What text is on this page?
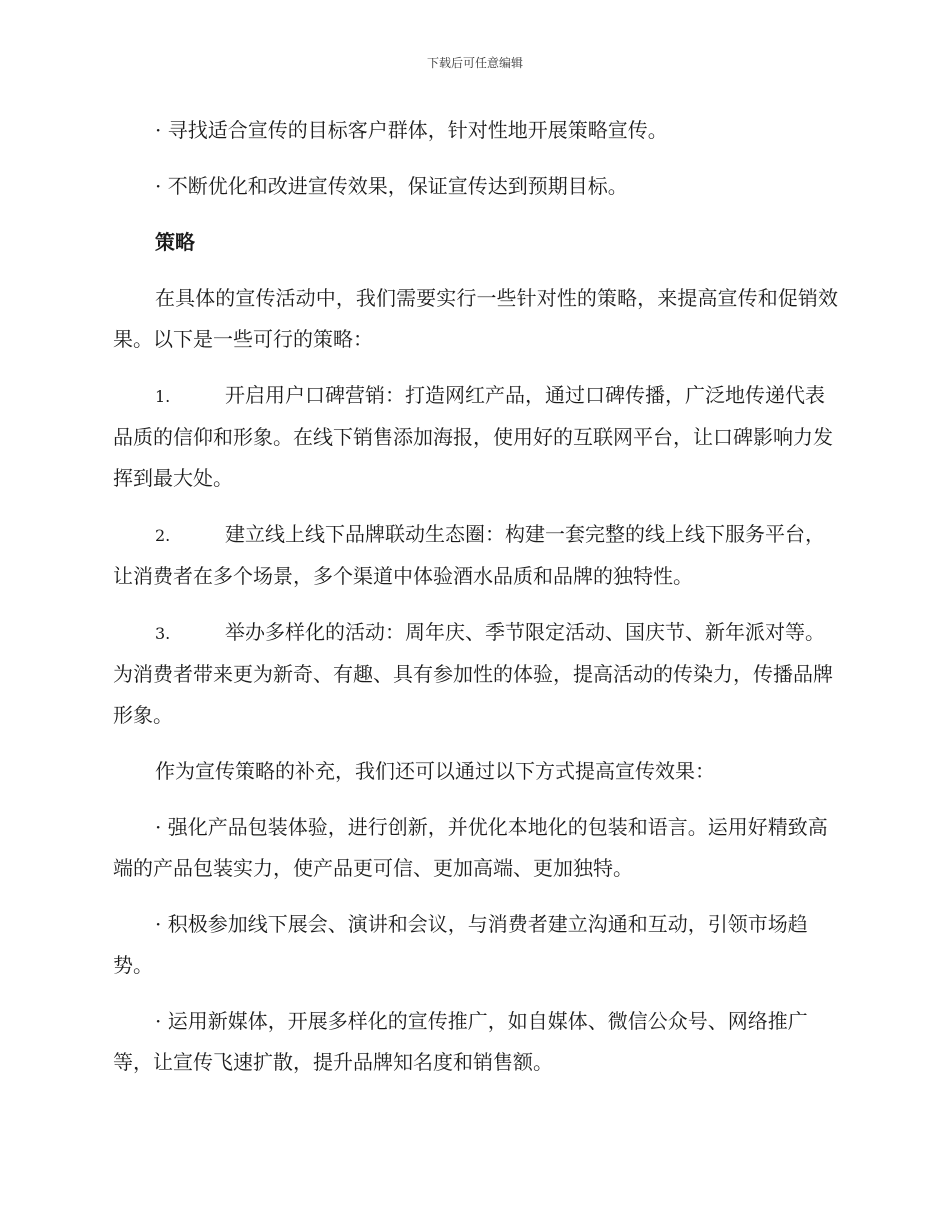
下载后可任意编辑

· 寻找适合宣传的目标客户群体，针对性地开展策略宣传。

· 不断优化和改进宣传效果，保证宣传达到预期目标。

策略

在具体的宣传活动中，我们需要实行一些针对性的策略，来提高宣传和促销效果。以下是一些可行的策略：

1.	开启用户口碑营销：打造网红产品，通过口碑传播，广泛地传递代表品质的信仰和形象。在线下销售添加海报，使用好的互联网平台，让口碑影响力发挥到最大处。

2.	建立线上线下品牌联动生态圈：构建一套完整的线上线下服务平台，让消费者在多个场景，多个渠道中体验酒水品质和品牌的独特性。

3.	举办多样化的活动：周年庆、季节限定活动、国庆节、新年派对等。为消费者带来更为新奇、有趣、具有参加性的体验，提高活动的传染力，传播品牌形象。

作为宣传策略的补充，我们还可以通过以下方式提高宣传效果：

· 强化产品包装体验，进行创新，并优化本地化的包装和语言。运用好精致高端的产品包装实力，使产品更可信、更加高端、更加独特。

· 积极参加线下展会、演讲和会议，与消费者建立沟通和互动，引领市场趋势。

· 运用新媒体，开展多样化的宣传推广，如自媒体、微信公众号、网络推广等，让宣传飞速扩散，提升品牌知名度和销售额。
